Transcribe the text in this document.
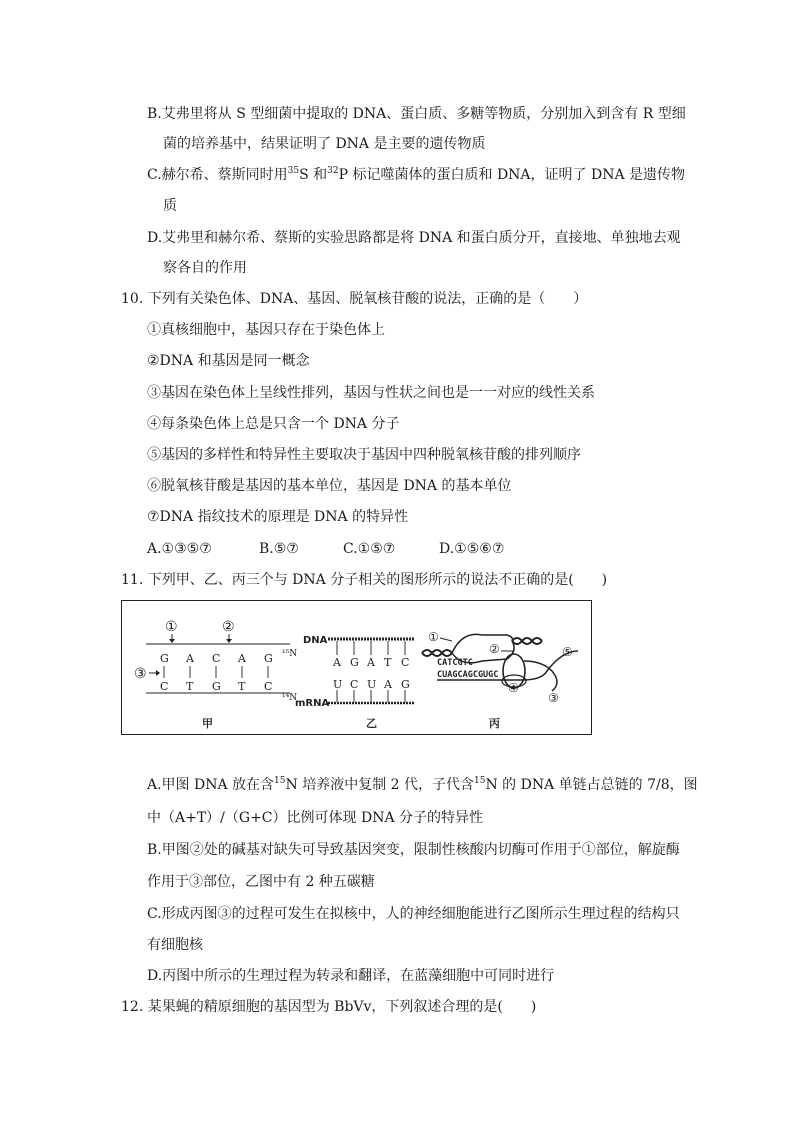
B.艾弗里将从 S 型细菌中提取的 DNA、蛋白质、多糖等物质，分别加入到含有 R 型细
菌的培养基中，结果证明了 DNA 是主要的遗传物质
C.赫尔希、蔡斯同时用$^{35}$S 和$^{32}$P 标记噬菌体的蛋白质和 DNA，证明了 DNA 是遗传物
质
D.艾弗里和赫尔希、蔡斯的实验思路都是将 DNA 和蛋白质分开，直接地、单独地去观
察各自的作用
10. 下列有关染色体、DNA、基因、脱氧核苷酸的说法，正确的是（　　）
①真核细胞中，基因只存在于染色体上
②DNA 和基因是同一概念
③基因在染色体上呈线性排列，基因与性状之间也是一一对应的线性关系
④每条染色体上总是只含一个 DNA 分子
⑤基因的多样性和特异性主要取决于基因中四种脱氧核苷酸的排列顺序
⑥脱氧核苷酸是基因的基本单位，基因是 DNA 的基本单位
⑦DNA 指纹技术的原理是 DNA 的特异性
A.①③⑤⑦	B.⑤⑦	C.①⑤⑦	D.①⑤⑥⑦
11. 下列甲、乙、丙三个与 DNA 分子相关的图形所示的说法不正确的是(　　)
G A C A G
C T G T C
①	②
③
¹⁵N
¹⁴N
甲
DNA
mRNA
A G A T C
U C U A G
乙
①
②
CATCGTC
CUAGCAGCGUGC
④
⑤
③
丙
A.甲图 DNA 放在含$^{15}$N 培养液中复制 2 代，子代含$^{15}$N 的 DNA 单链占总链的 7/8，图
中（A+T）/（G+C）比例可体现 DNA 分子的特异性
B.甲图②处的碱基对缺失可导致基因突变，限制性核酸内切酶可作用于①部位，解旋酶
作用于③部位，乙图中有 2 种五碳糖
C.形成丙图③的过程可发生在拟核中，人的神经细胞能进行乙图所示生理过程的结构只
有细胞核
D.丙图中所示的生理过程为转录和翻译，在蓝藻细胞中可同时进行
12. 某果蝇的精原细胞的基因型为 BbVv，下列叙述合理的是(　　)
